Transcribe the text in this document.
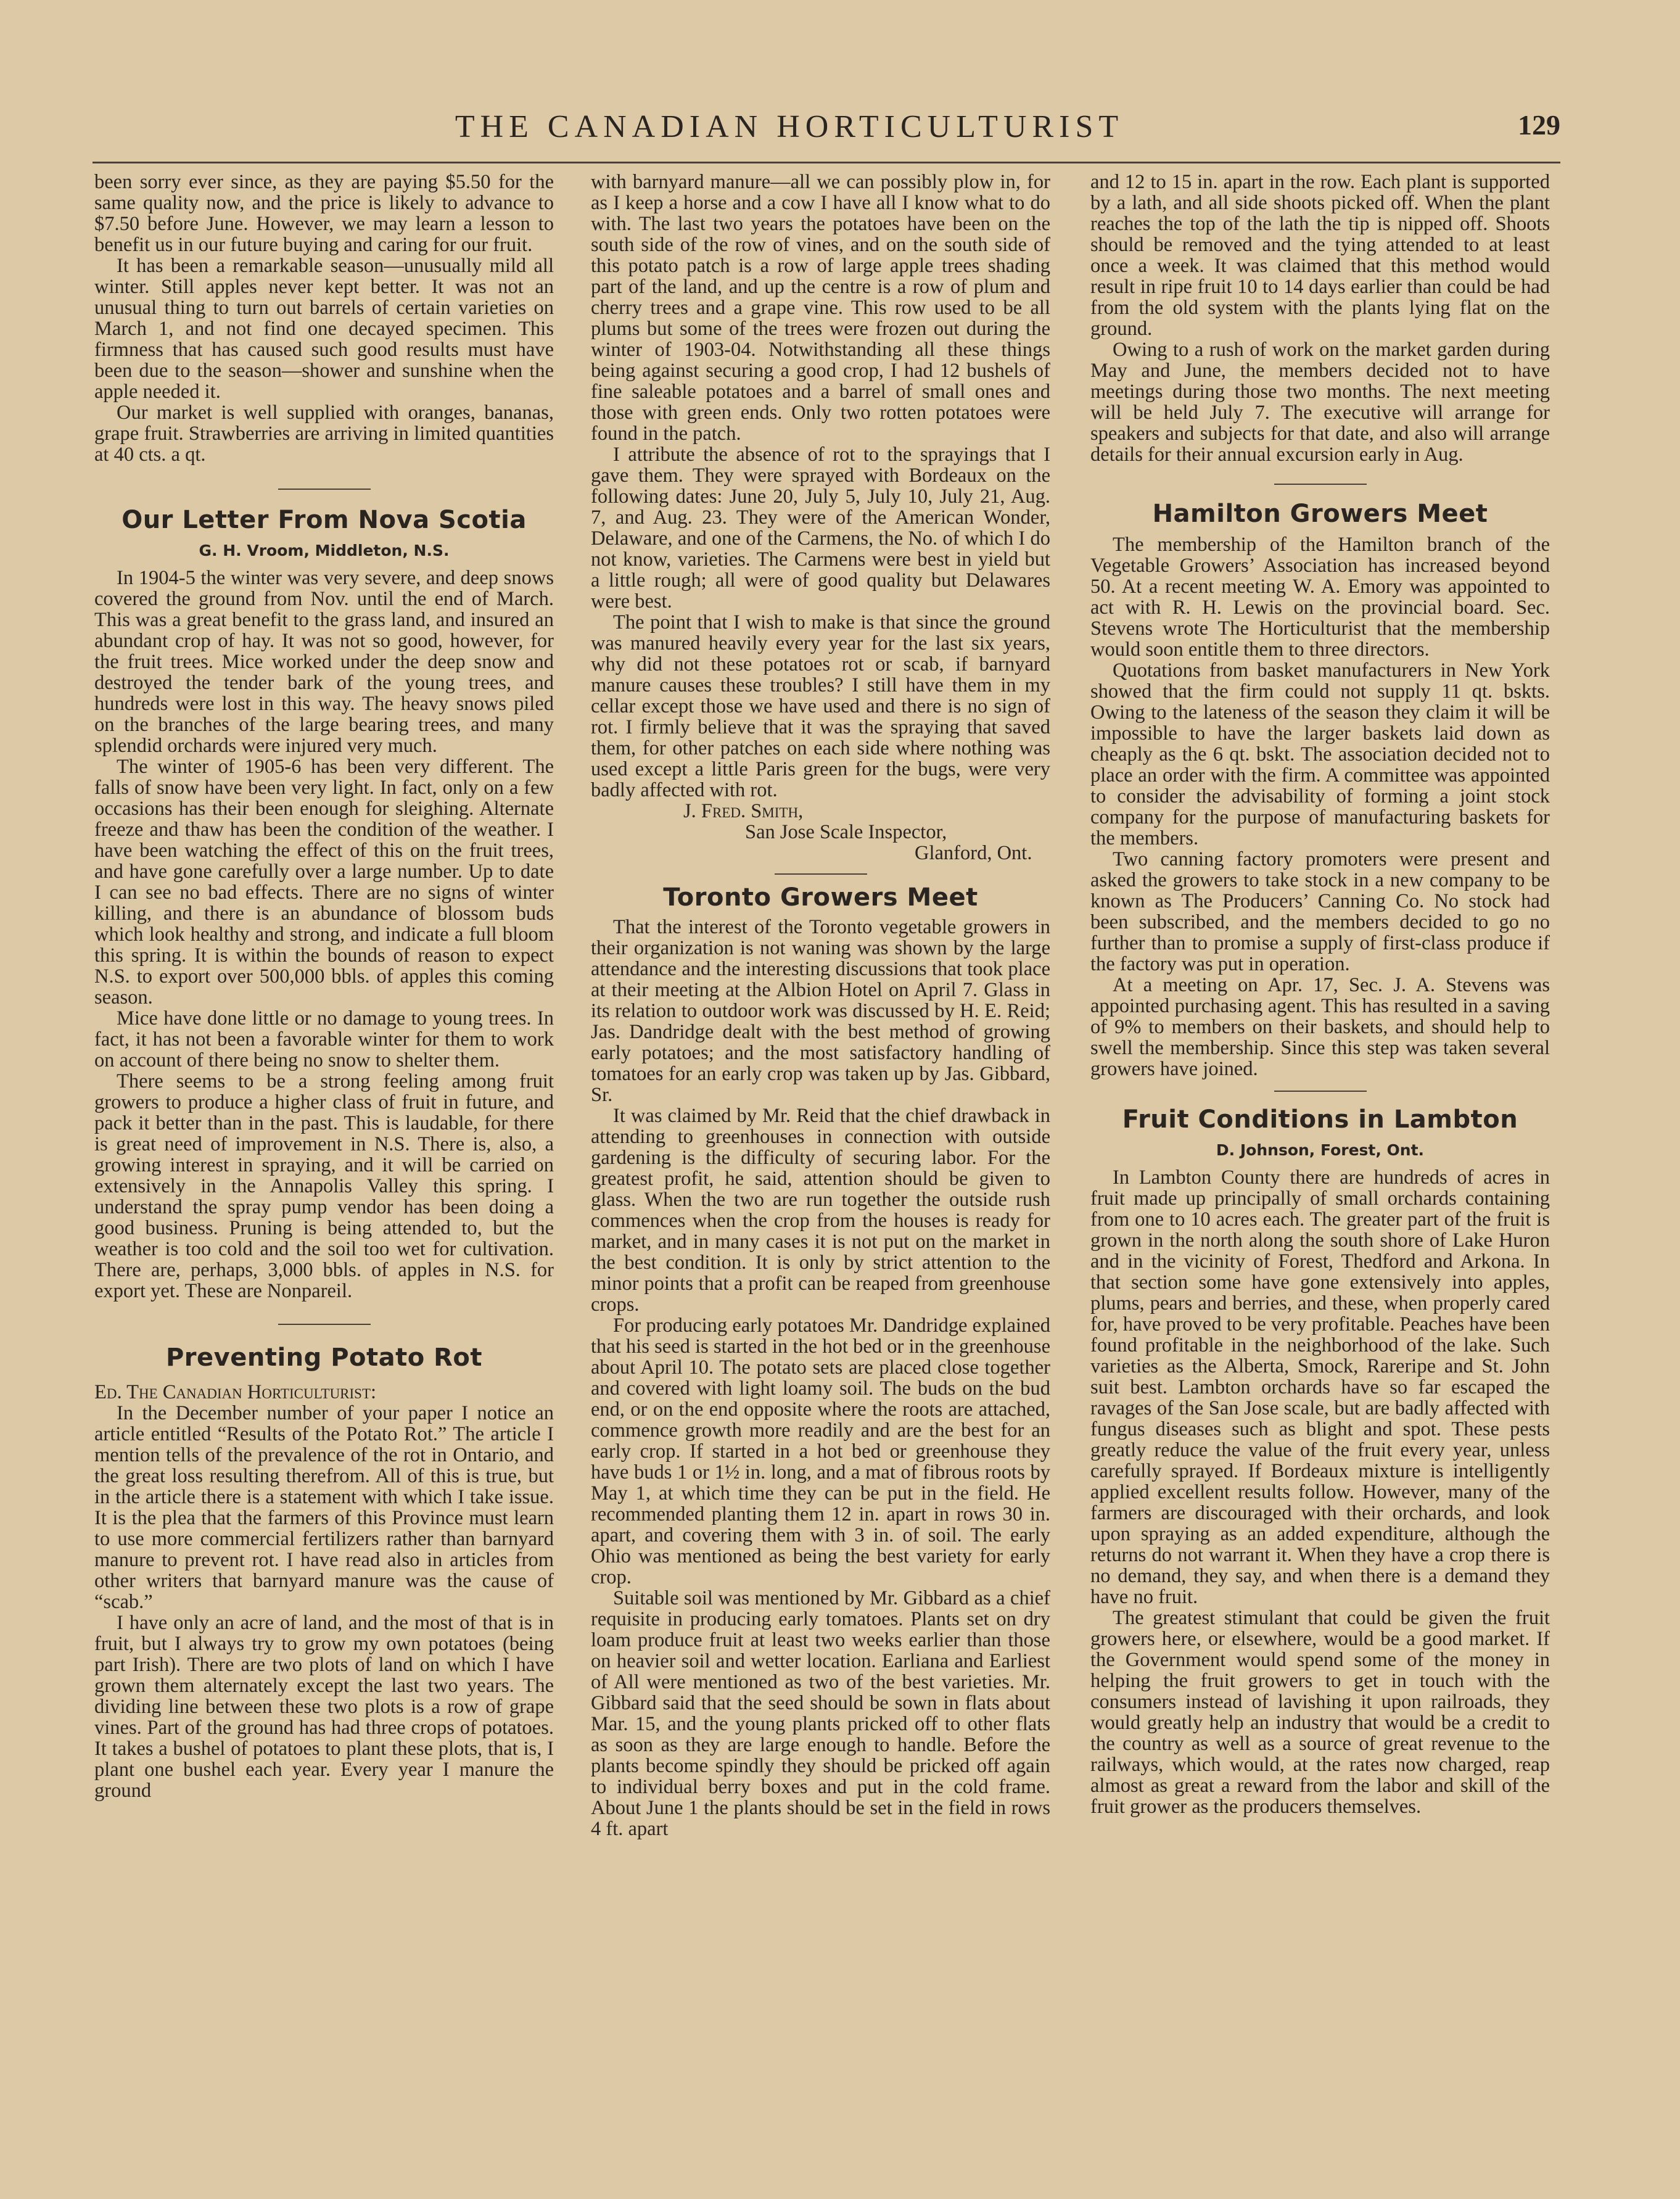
THE CANADIAN HORTICULTURIST	129

been sorry ever since, as they are paying $5.50 for the same quality now, and the price is likely to advance to $7.50 before June. However, we may learn a lesson to benefit us in our future buying and caring for our fruit.

It has been a remarkable season—unusually mild all winter. Still apples never kept better. It was not an unusual thing to turn out barrels of certain varieties on March 1, and not find one decayed specimen. This firmness that has caused such good results must have been due to the season—shower and sunshine when the apple needed it.

Our market is well supplied with oranges, bananas, grape fruit. Strawberries are arriving in limited quantities at 40 cts. a qt.

Our Letter From Nova Scotia
G. H. Vroom, Middleton, N.S.

In 1904-5 the winter was very severe, and deep snows covered the ground from Nov. until the end of March. This was a great benefit to the grass land, and insured an abundant crop of hay. It was not so good, however, for the fruit trees. Mice worked under the deep snow and destroyed the tender bark of the young trees, and hundreds were lost in this way. The heavy snows piled on the branches of the large bearing trees, and many splendid orchards were injured very much.

The winter of 1905-6 has been very different. The falls of snow have been very light. In fact, only on a few occasions has their been enough for sleighing. Alternate freeze and thaw has been the condition of the weather. I have been watching the effect of this on the fruit trees, and have gone carefully over a large number. Up to date I can see no bad effects. There are no signs of winter killing, and there is an abundance of blossom buds which look healthy and strong, and indicate a full bloom this spring. It is within the bounds of reason to expect N.S. to export over 500,000 bbls. of apples this coming season.

Mice have done little or no damage to young trees. In fact, it has not been a favorable winter for them to work on account of there being no snow to shelter them.

There seems to be a strong feeling among fruit growers to produce a higher class of fruit in future, and pack it better than in the past. This is laudable, for there is great need of improvement in N.S. There is, also, a growing interest in spraying, and it will be carried on extensively in the Annapolis Valley this spring. I understand the spray pump vendor has been doing a good business. Pruning is being attended to, but the weather is too cold and the soil too wet for cultivation. There are, perhaps, 3,000 bbls. of apples in N.S. for export yet. These are Nonpareil.

Preventing Potato Rot

Ed. The Canadian Horticulturist:

In the December number of your paper I notice an article entitled “Results of the Potato Rot.” The article I mention tells of the prevalence of the rot in Ontario, and the great loss resulting therefrom. All of this is true, but in the article there is a statement with which I take issue. It is the plea that the farmers of this Province must learn to use more commercial fertilizers rather than barnyard manure to prevent rot. I have read also in articles from other writers that barnyard manure was the cause of “scab.”

I have only an acre of land, and the most of that is in fruit, but I always try to grow my own potatoes (being part Irish). There are two plots of land on which I have grown them alternately except the last two years. The dividing line between these two plots is a row of grape vines. Part of the ground has had three crops of potatoes. It takes a bushel of potatoes to plant these plots, that is, I plant one bushel each year. Every year I manure the ground

with barnyard manure—all we can possibly plow in, for as I keep a horse and a cow I have all I know what to do with. The last two years the potatoes have been on the south side of the row of vines, and on the south side of this potato patch is a row of large apple trees shading part of the land, and up the centre is a row of plum and cherry trees and a grape vine. This row used to be all plums but some of the trees were frozen out during the winter of 1903-04. Notwithstanding all these things being against securing a good crop, I had 12 bushels of fine saleable potatoes and a barrel of small ones and those with green ends. Only two rotten potatoes were found in the patch.

I attribute the absence of rot to the sprayings that I gave them. They were sprayed with Bordeaux on the following dates: June 20, July 5, July 10, July 21, Aug. 7, and Aug. 23. They were of the American Wonder, Delaware, and one of the Carmens, the No. of which I do not know, varieties. The Carmens were best in yield but a little rough; all were of good quality but Delawares were best.

The point that I wish to make is that since the ground was manured heavily every year for the last six years, why did not these potatoes rot or scab, if barnyard manure causes these troubles? I still have them in my cellar except those we have used and there is no sign of rot. I firmly believe that it was the spraying that saved them, for other patches on each side where nothing was used except a little Paris green for the bugs, were very badly affected with rot.

J. Fred. Smith,
San Jose Scale Inspector,
Glanford, Ont.
Toronto Growers Meet

That the interest of the Toronto vegetable growers in their organization is not waning was shown by the large attendance and the interesting discussions that took place at their meeting at the Albion Hotel on April 7. Glass in its relation to outdoor work was discussed by H. E. Reid; Jas. Dandridge dealt with the best method of growing early potatoes; and the most satisfactory handling of tomatoes for an early crop was taken up by Jas. Gibbard, Sr.

It was claimed by Mr. Reid that the chief drawback in attending to greenhouses in connection with outside gardening is the difficulty of securing labor. For the greatest profit, he said, attention should be given to glass. When the two are run together the outside rush commences when the crop from the houses is ready for market, and in many cases it is not put on the market in the best condition. It is only by strict attention to the minor points that a profit can be reaped from greenhouse crops.

For producing early potatoes Mr. Dandridge explained that his seed is started in the hot bed or in the greenhouse about April 10. The potato sets are placed close together and covered with light loamy soil. The buds on the bud end, or on the end opposite where the roots are attached, commence growth more readily and are the best for an early crop. If started in a hot bed or greenhouse they have buds 1 or 1½ in. long, and a mat of fibrous roots by May 1, at which time they can be put in the field. He recommended planting them 12 in. apart in rows 30 in. apart, and covering them with 3 in. of soil. The early Ohio was mentioned as being the best variety for early crop.

Suitable soil was mentioned by Mr. Gibbard as a chief requisite in producing early tomatoes. Plants set on dry loam produce fruit at least two weeks earlier than those on heavier soil and wetter location. Earliana and Earliest of All were mentioned as two of the best varieties. Mr. Gibbard said that the seed should be sown in flats about Mar. 15, and the young plants pricked off to other flats as soon as they are large enough to handle. Before the plants become spindly they should be pricked off again to individual berry boxes and put in the cold frame. About June 1 the plants should be set in the field in rows 4 ft. apart

and 12 to 15 in. apart in the row. Each plant is supported by a lath, and all side shoots picked off. When the plant reaches the top of the lath the tip is nipped off. Shoots should be removed and the tying attended to at least once a week. It was claimed that this method would result in ripe fruit 10 to 14 days earlier than could be had from the old system with the plants lying flat on the ground.

Owing to a rush of work on the market garden during May and June, the members decided not to have meetings during those two months. The next meeting will be held July 7. The executive will arrange for speakers and subjects for that date, and also will arrange details for their annual excursion early in Aug.

Hamilton Growers Meet

The membership of the Hamilton branch of the Vegetable Growers’ Association has increased beyond 50. At a recent meeting W. A. Emory was appointed to act with R. H. Lewis on the provincial board. Sec. Stevens wrote The Horticulturist that the membership would soon entitle them to three directors.

Quotations from basket manufacturers in New York showed that the firm could not supply 11 qt. bskts. Owing to the lateness of the season they claim it will be impossible to have the larger baskets laid down as cheaply as the 6 qt. bskt. The association decided not to place an order with the firm. A committee was appointed to consider the advisability of forming a joint stock company for the purpose of manufacturing baskets for the members.

Two canning factory promoters were present and asked the growers to take stock in a new company to be known as The Producers’ Canning Co. No stock had been subscribed, and the members decided to go no further than to promise a supply of first-class produce if the factory was put in operation.

At a meeting on Apr. 17, Sec. J. A. Stevens was appointed purchasing agent. This has resulted in a saving of 9% to members on their baskets, and should help to swell the membership. Since this step was taken several growers have joined.

Fruit Conditions in Lambton
D. Johnson, Forest, Ont.

In Lambton County there are hundreds of acres in fruit made up principally of small orchards containing from one to 10 acres each. The greater part of the fruit is grown in the north along the south shore of Lake Huron and in the vicinity of Forest, Thedford and Arkona. In that section some have gone extensively into apples, plums, pears and berries, and these, when properly cared for, have proved to be very profitable. Peaches have been found profitable in the neighborhood of the lake. Such varieties as the Alberta, Smock, Rareripe and St. John suit best. Lambton orchards have so far escaped the ravages of the San Jose scale, but are badly affected with fungus diseases such as blight and spot. These pests greatly reduce the value of the fruit every year, unless carefully sprayed. If Bordeaux mixture is intelligently applied excellent results follow. However, many of the farmers are discouraged with their orchards, and look upon spraying as an added expenditure, although the returns do not warrant it. When they have a crop there is no demand, they say, and when there is a demand they have no fruit.

The greatest stimulant that could be given the fruit growers here, or elsewhere, would be a good market. If the Government would spend some of the money in helping the fruit growers to get in touch with the consumers instead of lavishing it upon railroads, they would greatly help an industry that would be a credit to the country as well as a source of great revenue to the railways, which would, at the rates now charged, reap almost as great a reward from the labor and skill of the fruit grower as the producers themselves.
